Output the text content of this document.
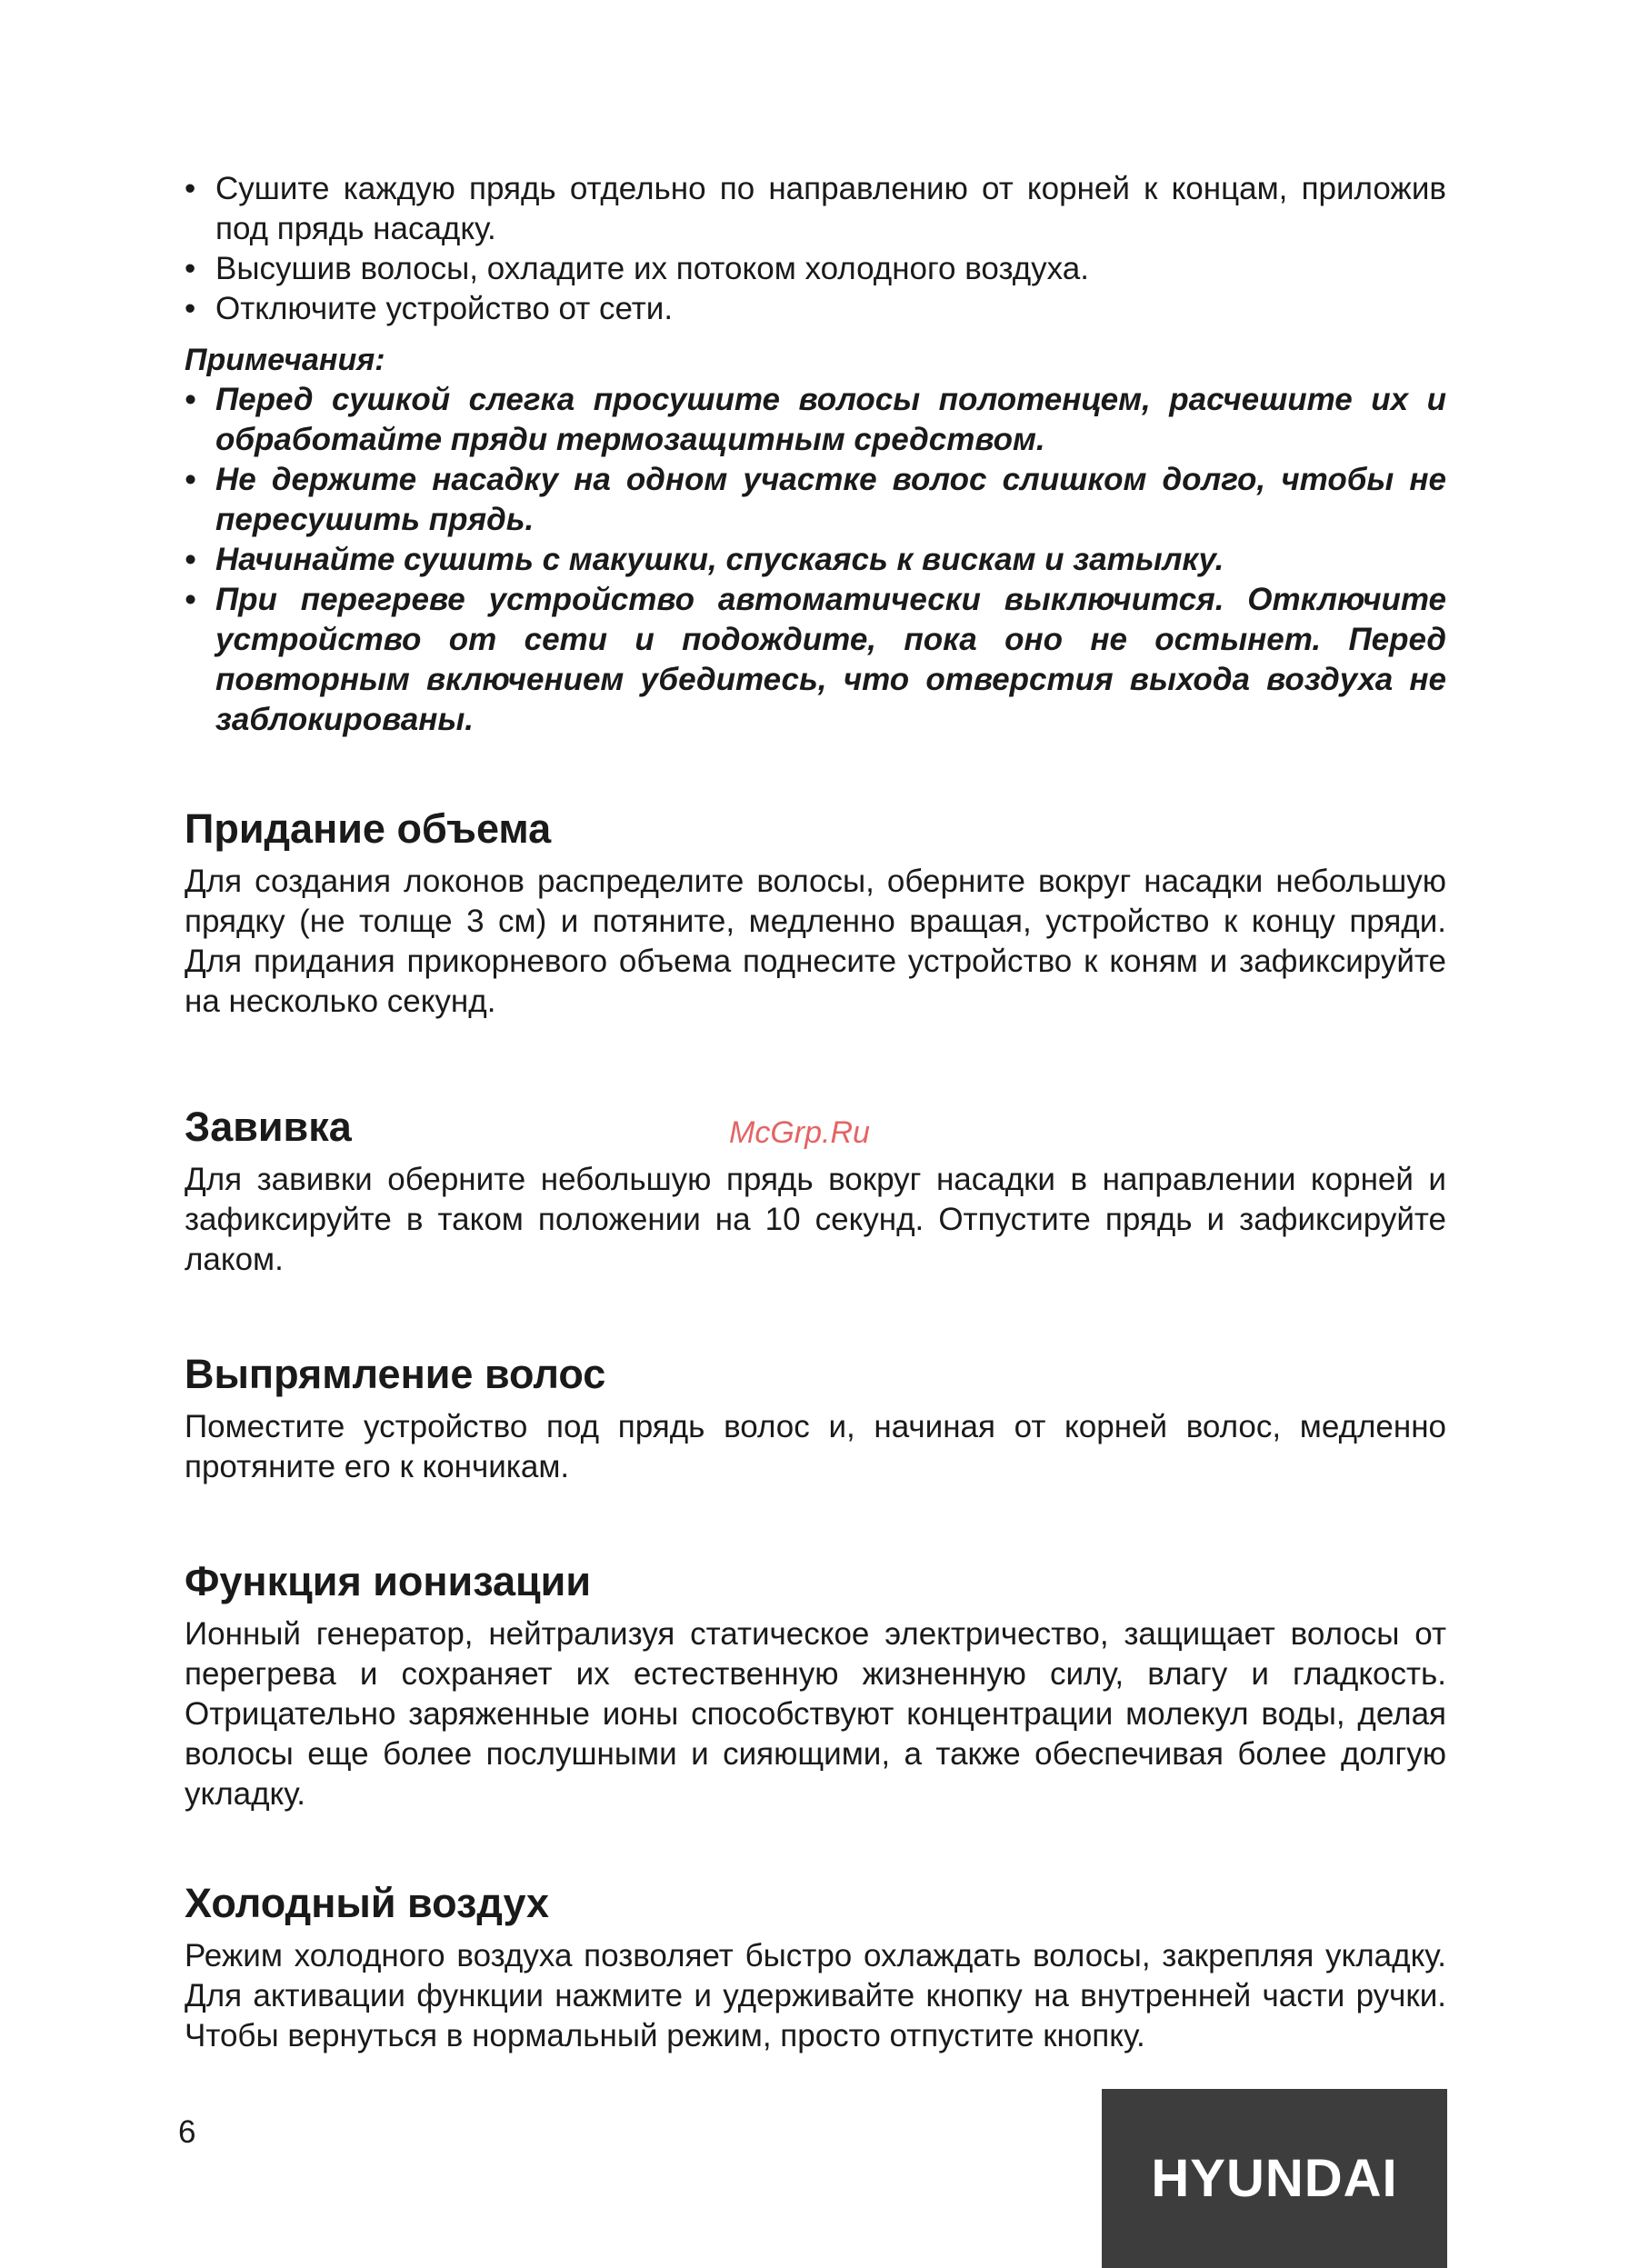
• Сушите каждую прядь отдельно по направлению от корней к концам, приложив под прядь насадку.
• Высушив волосы, охладите их потоком холодного воздуха.
• Отключите устройство от сети.

Примечания:

• Перед сушкой слегка просушите волосы полотенцем, расчешите их и обработайте пряди термозащитным средством.
• Не держите насадку на одном участке волос слишком долго, чтобы не пересушить прядь.
• Начинайте сушить с макушки, спускаясь к вискам и затылку.
• При перегреве устройство автоматически выключится. Отключите устройство от сети и подождите, пока оно не остынет. Перед повторным включением убедитесь, что отверстия выхода воздуха не заблокированы.
Придание объема

Для создания локонов распределите волосы, оберните вокруг насадки небольшую прядку (не толще 3 см) и потяните, медленно вращая, устройство к концу пряди. Для придания прикорневого объема поднесите устройство к коням и зафиксируйте на несколько секунд.

Завивка

Для завивки оберните небольшую прядь вокруг насадки в направлении корней и зафиксируйте в таком положении на 10 секунд. Отпустите прядь и зафиксируйте лаком.

Выпрямление волос

Поместите устройство под прядь волос и, начиная от корней волос, медленно протяните его к кончикам.

Функция ионизации

Ионный генератор, нейтрализуя статическое электричество, защищает волосы от перегрева и сохраняет их естественную жизненную силу, влагу и гладкость. Отрицательно заряженные ионы способствуют концентрации молекул воды, делая волосы еще более послушными и сияющими, а также обеспечивая более долгую укладку.

Холодный воздух

Режим холодного воздуха позволяет быстро охлаждать волосы, закрепляя укладку. Для активации функции нажмите и удерживайте кнопку на внутренней части ручки. Чтобы вернуться в нормальный режим, просто отпустите кнопку.

McGrp.Ru
6
HYUNDAI
